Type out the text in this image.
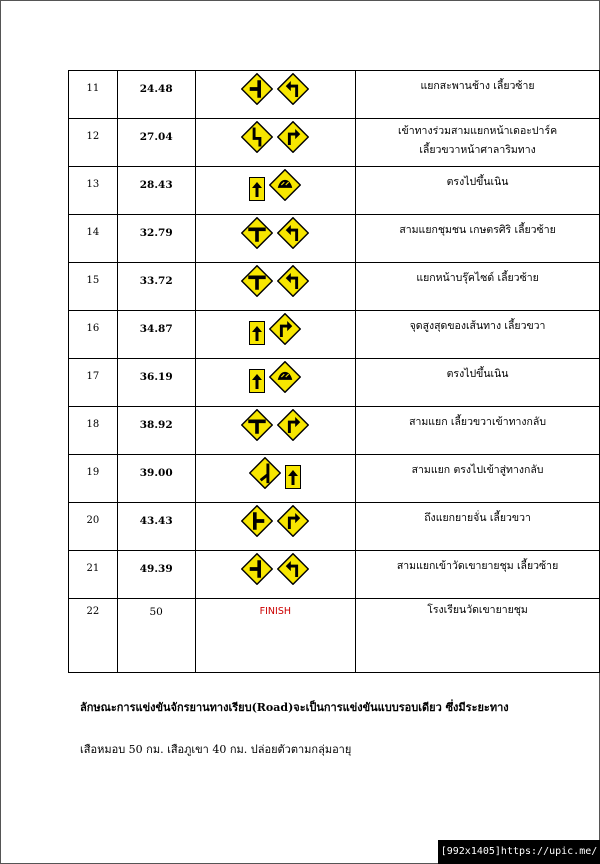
11	24.48		แยกสะพานช้าง เลี้ยวซ้าย

12	27.04		เข้าทางร่วมสามแยกหน้าเดอะปาร์ค
เลี้ยวขวาหน้าศาลาริมทาง

13	28.43		ตรงไปขึ้นเนิน

14	32.79		สามแยกชุมชน เกษตรศิริ เลี้ยวซ้าย

15	33.72		แยกหน้าบรุ๊คไซด์ เลี้ยวซ้าย

16	34.87		จุดสูงสุดของเส้นทาง เลี้ยวขวา

17	36.19		ตรงไปขึ้นเนิน

18	38.92		สามแยก เลี้ยวขวาเข้าทางกลับ

19	39.00		สามแยก ตรงไปเข้าสู่ทางกลับ

20	43.43		ถึงแยกยายจั่น เลี้ยวขวา

21	49.39		สามแยกเข้าวัดเขายายชุม เลี้ยวซ้าย

22	50	FINISH	โรงเรียนวัดเขายายชุม
ลักษณะการแข่งขันจักรยานทางเรียบ(Road)จะเป็นการแข่งขันแบบรอบเดียว ซึ่งมีระยะทาง
เสือหมอบ 50 กม. เสือภูเขา 40 กม. ปล่อยตัวตามกลุ่มอายุ
[992x1405]https://upic.me/
